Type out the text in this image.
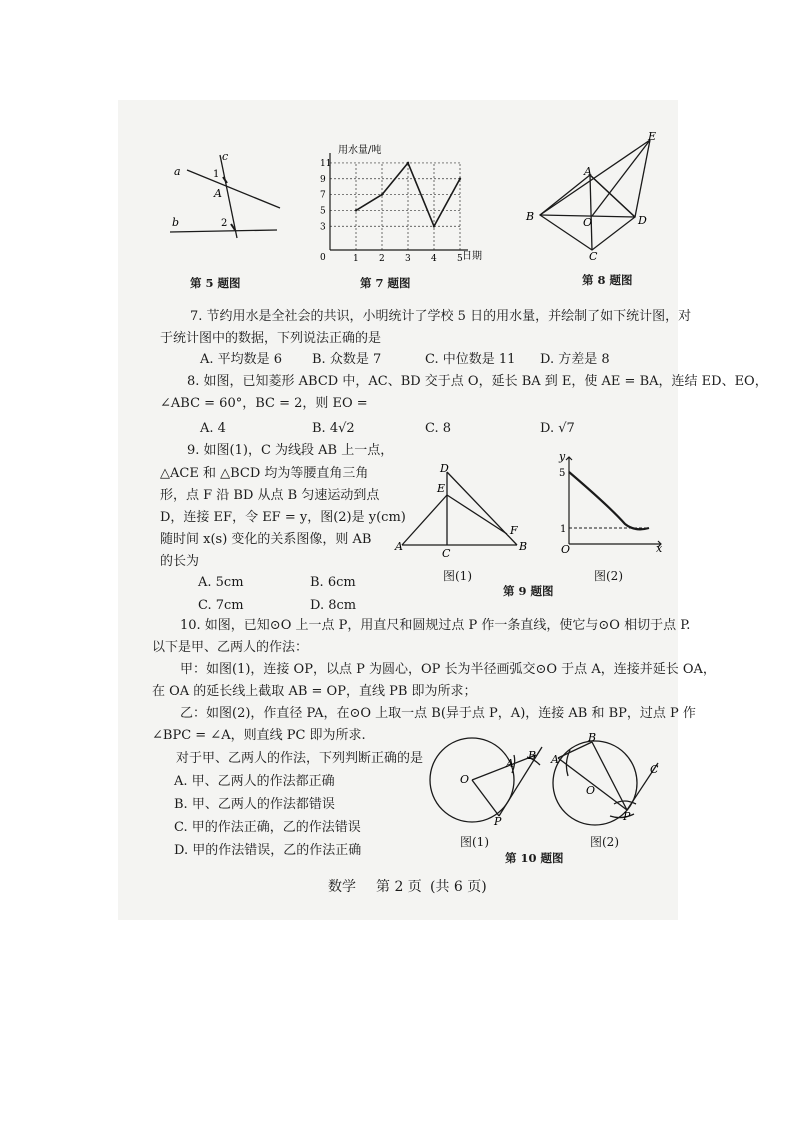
a
c
1
A
b	2
第 5 题图
用水量/吨
日期
0
3
5
7
9
11
1 2 3 4 5
第 7 题图
E
A
B	O	D
C
第 8 题图
7. 节约用水是全社会的共识，小明统计了学校 5 日的用水量，并绘制了如下统计图，对
于统计图中的数据，下列说法正确的是
A. 平均数是 6 B. 众数是 7	C. 中位数是 11 D. 方差是 8
8. 如图，已知菱形 ABCD 中，AC、BD 交于点 O，延长 BA 到 E，使 AE = BA，连结 ED、EO，
∠ABC = 60°，BC = 2，则 EO =
A. 4	B. 4√2	C. 8	D. √7
9. 如图(1)，C 为线段 AB 上一点，
△ACE 和 △BCD 均为等腰直角三角
形，点 F 沿 BD 从点 B 匀速运动到点
D，连接 EF，令 EF = y，图(2)是 y(cm)
随时间 x(s) 变化的关系图像，则 AB
的长为
A. 5cm	B. 6cm
C. 7cm	D. 8cm
D
E
F
A
C
B
图(1)
y
5
1
O	x
图(2)
第 9 题图
10. 如图，已知⊙O 上一点 P，用直尺和圆规过点 P 作一条直线，使它与⊙O 相切于点 P.
以下是甲、乙两人的作法：
甲：如图(1)，连接 OP，以点 P 为圆心，OP 长为半径画弧交⊙O 于点 A，连接并延长 OA，
在 OA 的延长线上截取 AB = OP，直线 PB 即为所求；
乙：如图(2)，作直径 PA，在⊙O 上取一点 B(异于点 P，A)，连接 AB 和 BP，过点 P 作
∠BPC = ∠A，则直线 PC 即为所求.
对于甲、乙两人的作法，下列判断正确的是
A. 甲、乙两人的作法都正确
B. 甲、乙两人的作法都错误
C. 甲的作法正确，乙的作法错误
D. 甲的作法错误，乙的作法正确
O
A
B
P
图(1)
B
A
O
P
C
图(2)
第 10 题图
数学 第 2 页 (共 6 页)
